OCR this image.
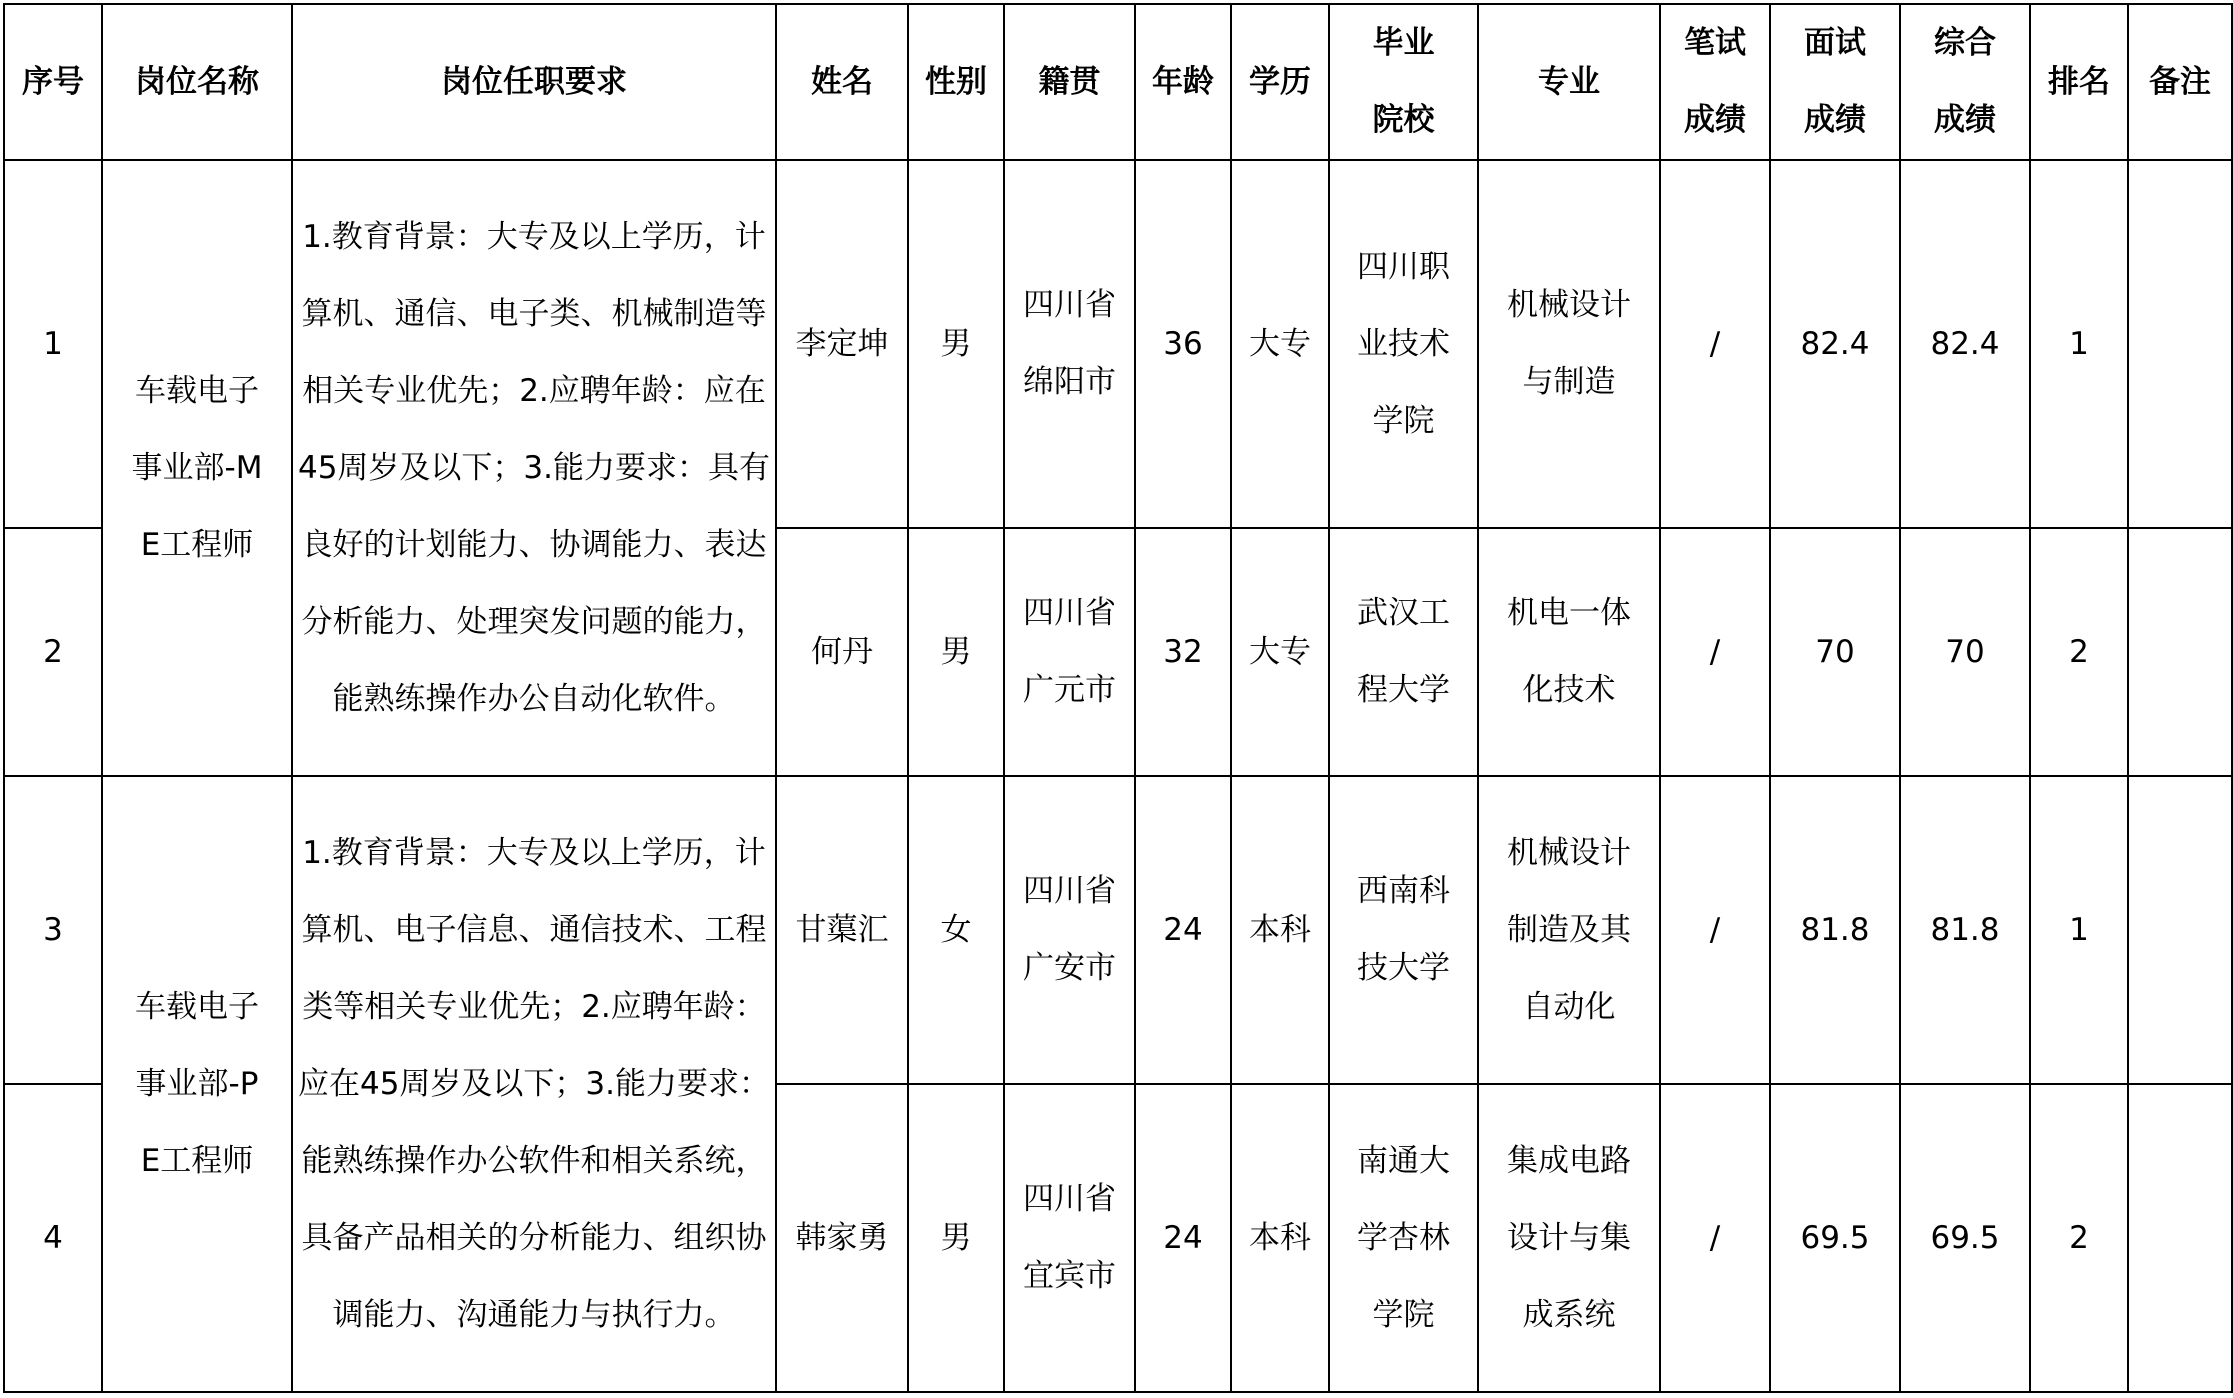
序号	岗位名称	岗位任职要求	姓名	性别	籍贯	年龄	学历	毕业院校	专业	笔试成绩	面试成绩	综合成绩	排名	备注
1	车载电子事业部-ME工程师	1.教育背景：大专及以上学历，计算机、通信、电子类、机械制造等相关专业优先；2.应聘年龄：应在45周岁及以下；3.能力要求：具有良好的计划能力、协调能力、表达分析能力、处理突发问题的能力，能熟练操作办公自动化软件。	李定坤	男	四川省绵阳市	36	大专	四川职业技术学院	机械设计与制造	/	82.4	82.4	1	
2			何丹	男	四川省广元市	32	大专	武汉工程大学	机电一体化技术	/	70	70	2	
3	车载电子事业部-PE工程师	1.教育背景：大专及以上学历，计算机、电子信息、通信技术、工程类等相关专业优先；2.应聘年龄：应在45周岁及以下；3.能力要求：能熟练操作办公软件和相关系统，具备产品相关的分析能力、组织协调能力、沟通能力与执行力。	甘蕖汇	女	四川省广安市	24	本科	西南科技大学	机械设计制造及其自动化	/	81.8	81.8	1	
4			韩家勇	男	四川省宜宾市	24	本科	南通大学杏林学院	集成电路设计与集成系统	/	69.5	69.5	2	
